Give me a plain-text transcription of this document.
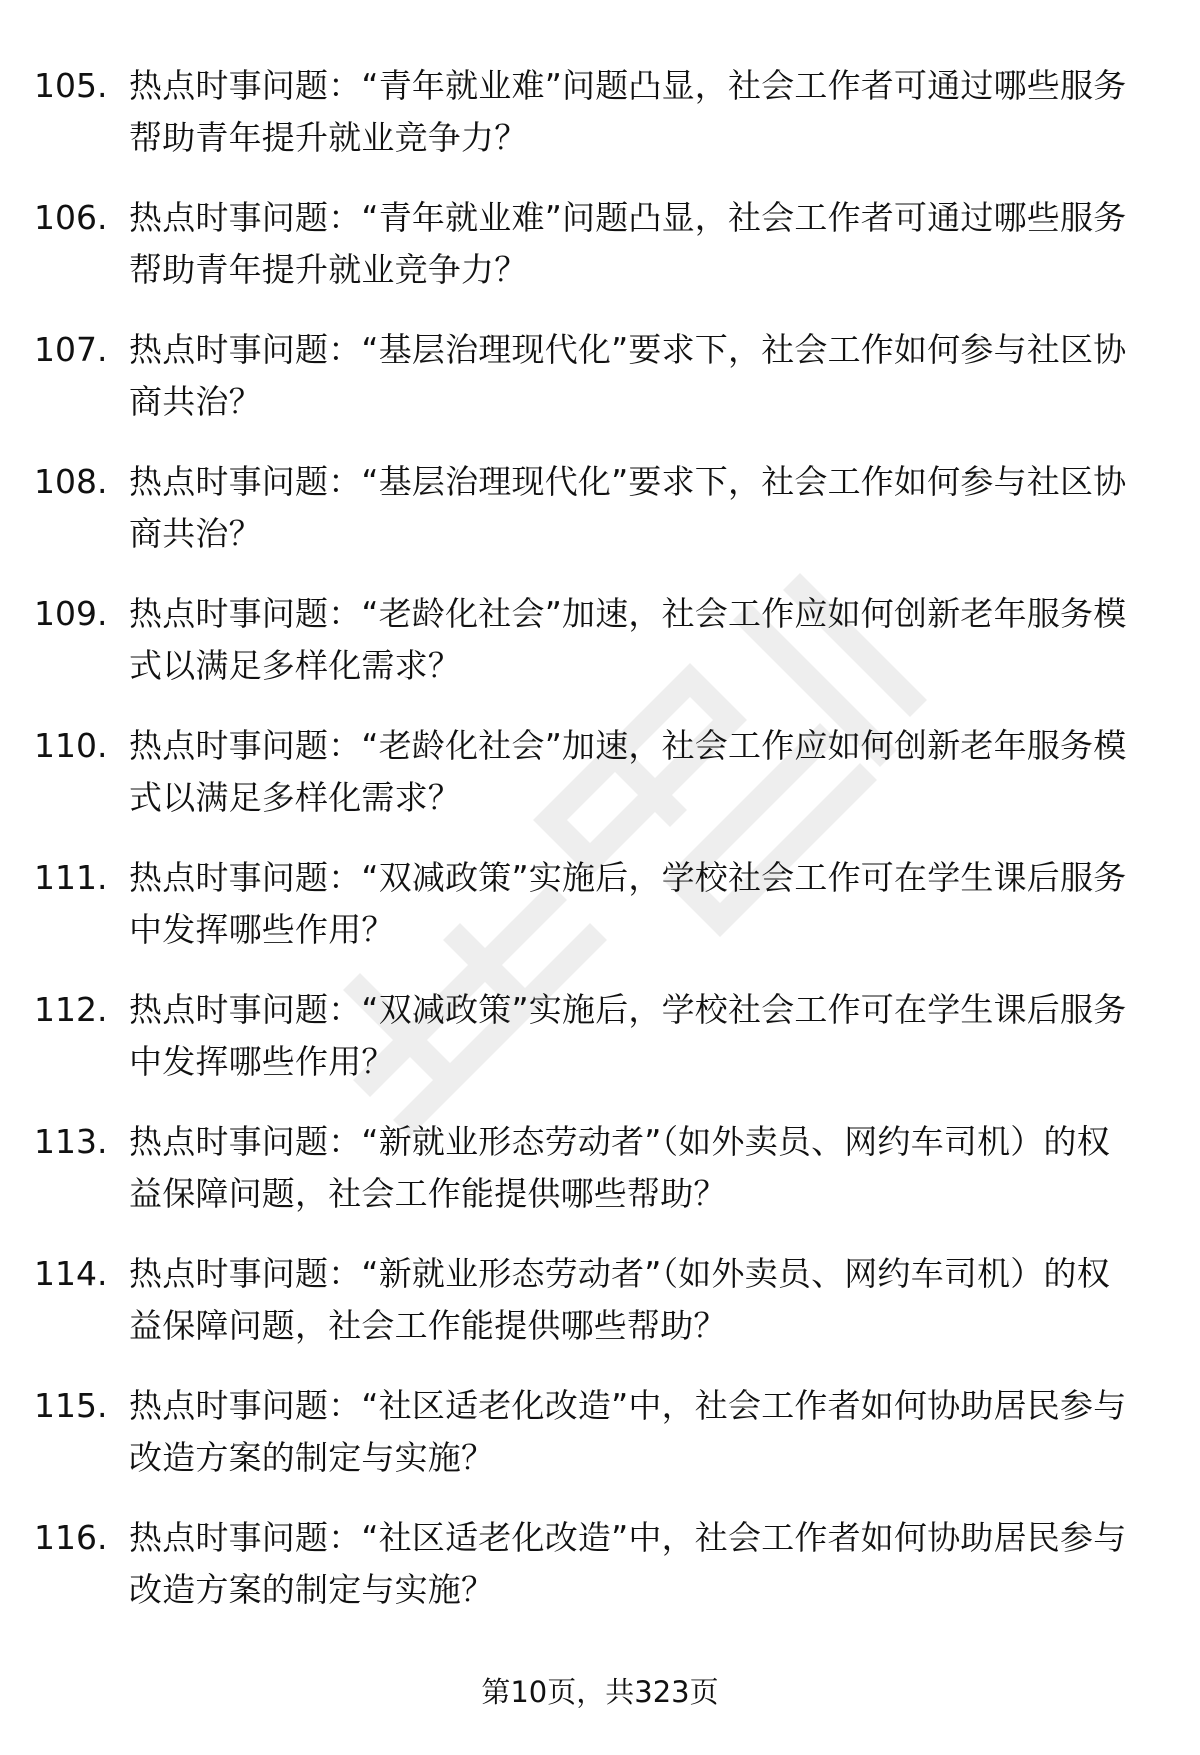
105. 热点时事问题：“青年就业难”问题凸显，社会工作者可通过哪些服务帮助青年提升就业竞争力？
106. 热点时事问题：“青年就业难”问题凸显，社会工作者可通过哪些服务帮助青年提升就业竞争力？
107. 热点时事问题：“基层治理现代化”要求下，社会工作如何参与社区协商共治？
108. 热点时事问题：“基层治理现代化”要求下，社会工作如何参与社区协商共治？
109. 热点时事问题：“老龄化社会”加速，社会工作应如何创新老年服务模式以满足多样化需求？
110. 热点时事问题：“老龄化社会”加速，社会工作应如何创新老年服务模式以满足多样化需求？
111. 热点时事问题：“双减政策”实施后，学校社会工作可在学生课后服务中发挥哪些作用？
112. 热点时事问题：“双减政策”实施后，学校社会工作可在学生课后服务中发挥哪些作用？
113. 热点时事问题：“新就业形态劳动者”（如外卖员、网约车司机）的权益保障问题，社会工作能提供哪些帮助？
114. 热点时事问题：“新就业形态劳动者”（如外卖员、网约车司机）的权益保障问题，社会工作能提供哪些帮助？
115. 热点时事问题：“社区适老化改造”中，社会工作者如何协助居民参与改造方案的制定与实施？
116. 热点时事问题：“社区适老化改造”中，社会工作者如何协助居民参与改造方案的制定与实施？
第10页，共323页
